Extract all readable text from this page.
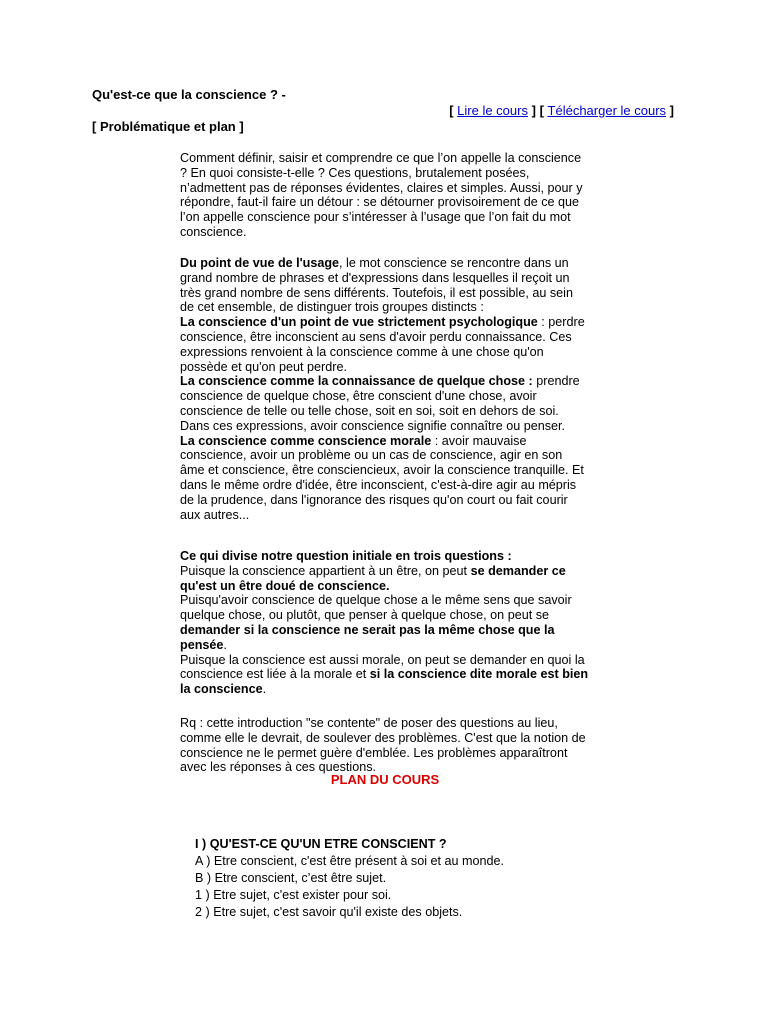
Qu'est-ce que la conscience ? -
[ Lire le cours ] [ Télécharger le cours ]
[ Problématique et plan ]
Comment définir, saisir et comprendre ce que l’on appelle la conscience ? En quoi consiste-t-elle ? Ces questions, brutalement posées, n’admettent pas de réponses évidentes, claires et simples. Aussi, pour y répondre, faut-il faire un détour : se détourner provisoirement de ce que l’on appelle conscience pour s’intéresser à l’usage que l’on fait du mot conscience.
Du point de vue de l'usage, le mot conscience se rencontre dans un grand nombre de phrases et d'expressions dans lesquelles il reçoit un très grand nombre de sens différents. Toutefois, il est possible, au sein de cet ensemble, de distinguer trois groupes distincts :
La conscience d'un point de vue strictement psychologique : perdre conscience, être inconscient au sens d'avoir perdu connaissance. Ces expressions renvoient à la conscience comme à une chose qu'on possède et qu'on peut perdre.
La conscience comme la connaissance de quelque chose : prendre conscience de quelque chose, être conscient d'une chose, avoir conscience de telle ou telle chose, soit en soi, soit en dehors de soi. Dans ces expressions, avoir conscience signifie connaître ou penser.
La conscience comme conscience morale : avoir mauvaise conscience, avoir un problème ou un cas de conscience, agir en son âme et conscience, être consciencieux, avoir la conscience tranquille. Et dans le même ordre d'idée, être inconscient, c'est-à-dire agir au mépris de la prudence, dans l'ignorance des risques qu'on court ou fait courir aux autres...
Ce qui divise notre question initiale en trois questions :
Puisque la conscience appartient à un être, on peut se demander ce qu'est un être doué de conscience.
Puisqu'avoir conscience de quelque chose a le même sens que savoir quelque chose, ou plutôt, que penser à quelque chose, on peut se demander si la conscience ne serait pas la même chose que la pensée.
Puisque la conscience est aussi morale, on peut se demander en quoi la conscience est liée à la morale et si la conscience dite morale est bien la conscience.
Rq : cette introduction "se contente" de poser des questions au lieu, comme elle le devrait, de soulever des problèmes. C'est que la notion de conscience ne le permet guère d'emblée. Les problèmes apparaîtront avec les réponses à ces questions.
PLAN DU COURS
I ) QU'EST-CE QU'UN ETRE CONSCIENT ?
A ) Etre conscient, c'est être présent à soi et au monde.
B ) Etre conscient, c’est être sujet.
1 ) Etre sujet, c'est exister pour soi.
2 ) Etre sujet, c'est savoir qu'il existe des objets.
